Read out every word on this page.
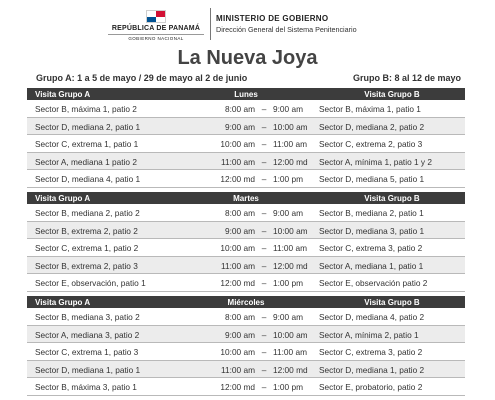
REPÚBLICA DE PANAMÁ
GOBIERNO NACIONAL
MINISTERIO DE GOBIERNO
Dirección General del Sistema Penitenciario
La Nueva Joya
Grupo A: 1 a 5 de mayo / 29 de mayo al 2 de junio	Grupo B: 8 al 12 de mayo
Visita Grupo A	Lunes	Visita Grupo B
Sector B, máxima 1, patio 2	8:00 am – 9:00 am Sector B, máxima 1, patio 1
Sector D, mediana 2, patio 1	9:00 am – 10:00 am Sector D, mediana 2, patio 2
Sector C, extrema 1, patio 1	10:00 am – 11:00 am Sector C, extrema 2, patio 3
Sector A, mediana 1 patio 2	11:00 am – 12:00 md Sector A, mínima 1, patio 1 y 2
Sector D, mediana 4, patio 1	12:00 md – 1:00 pm Sector D, mediana 5, patio 1
Visita Grupo A	Martes	Visita Grupo B
Sector B, mediana 2, patio 2	8:00 am – 9:00 am Sector B, mediana 2, patio 1
Sector B, extrema 2, patio 2	9:00 am – 10:00 am Sector D, mediana 3, patio 1
Sector C, extrema 1, patio 2	10:00 am – 11:00 am Sector C, extrema 3, patio 2
Sector B, extrema 2, patio 3	11:00 am – 12:00 md Sector A, mediana 1, patio 1
Sector E, observación, patio 1	12:00 md – 1:00 pm Sector E, observación patio 2
Visita Grupo A	Miércoles	Visita Grupo B
Sector B, mediana 3, patio 2	8:00 am – 9:00 am Sector D, mediana 4, patio 2
Sector A, mediana 3, patio 2	9:00 am – 10:00 am Sector A, mínima 2, patio 1
Sector C, extrema 1, patio 3	10:00 am – 11:00 am Sector C, extrema 3, patio 2
Sector D, mediana 1, patio 1	11:00 am – 12:00 md Sector D, mediana 1, patio 2
Sector B, máxima 3, patio 1	12:00 md – 1:00 pm Sector E, probatorio, patio 2
